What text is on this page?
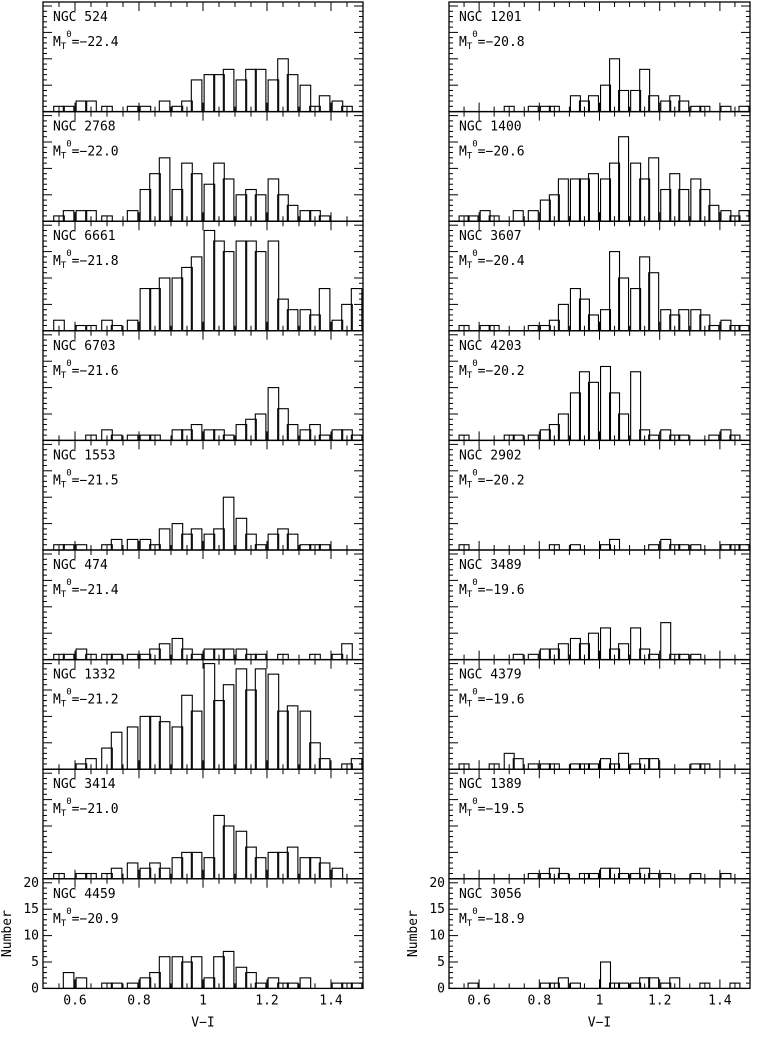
NGC 524
$M_T^0=-22.4$
NGC 2768
$M_T^0=-22.0$
NGC 6661
$M_T^0=-21.8$
NGC 6703
$M_T^0=-21.6$
NGC 1553
$M_T^0=-21.5$
NGC 474
$M_T^0=-21.4$
NGC 1332
$M_T^0=-21.2$
NGC 3414
$M_T^0=-21.0$
NGC 4459
$M_T^0=-20.9$
0.6	0.8	1	1.2	1.4
0
5
10
15
20
V−I
Number
NGC 1201
$M_T^0=-20.8$
NGC 1400
$M_T^0=-20.6$
NGC 3607
$M_T^0=-20.4$
NGC 4203
$M_T^0=-20.2$
NGC 2902
$M_T^0=-20.2$
NGC 3489
$M_T^0=-19.6$
NGC 4379
$M_T^0=-19.6$
NGC 1389
$M_T^0=-19.5$
NGC 3056
$M_T^0=-18.9$
0.6	0.8	1	1.2	1.4
0
5
10
15
20
V−I
Number
